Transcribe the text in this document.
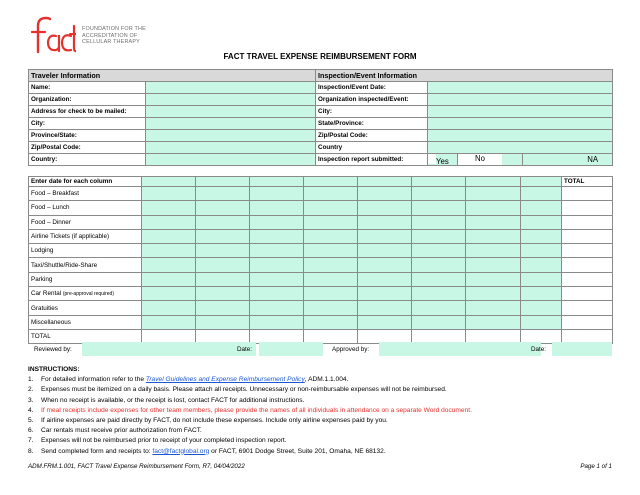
FOUNDATION FOR THE
ACCREDITATION OF
CELLULAR THERAPY
FACT TRAVEL EXPENSE REIMBURSEMENT FORM
Traveler Information		Inspection/Event Information			
Name:		Inspection/Event Date:			
Organization:		Organization inspected/Event:			
Address for check to be mailed:		City:			
City:		State/Province:			
Province/State:		Zip/Postal Code:			
Zip/Postal Code:		Country			
Country:		Inspection report submitted:	Yes	No	NA
Enter date for each column									TOTAL
Food – Breakfast									
Food – Lunch									
Food – Dinner									
Airline Tickets (if applicable)									
Lodging									
Taxi/Shuttle/Ride-Share									
Parking									
Car Rental (pre-approval required)									
Gratuities									
Miscellaneous									
TOTAL									
Reviewed by:	Date:	Approved by:	Date:
INSTRUCTIONS:
1. For detailed information refer to the Travel Guidelines and Expense Reimbursement Policy, ADM.1.1.004.
2. Expenses must be itemized on a daily basis. Please attach all receipts. Unnecessary or non-reimbursable expenses will not be reimbursed.
3. When no receipt is available, or the receipt is lost, contact FACT for additional instructions.
4. If meal receipts include expenses for other team members, please provide the names of all individuals in attendance on a separate Word document.
5. If airline expenses are paid directly by FACT, do not include these expenses. Include only airline expenses paid by you.
6. Car rentals must receive prior authorization from FACT.
7. Expenses will not be reimbursed prior to receipt of your completed inspection report.
8. Send completed form and receipts to: fact@factglobal.org or FACT, 6901 Dodge Street, Suite 201, Omaha, NE 68132.
ADM.FRM.1.001, FACT Travel Expense Reimbursement Form, R7, 04/04/2022	Page 1 of 1
